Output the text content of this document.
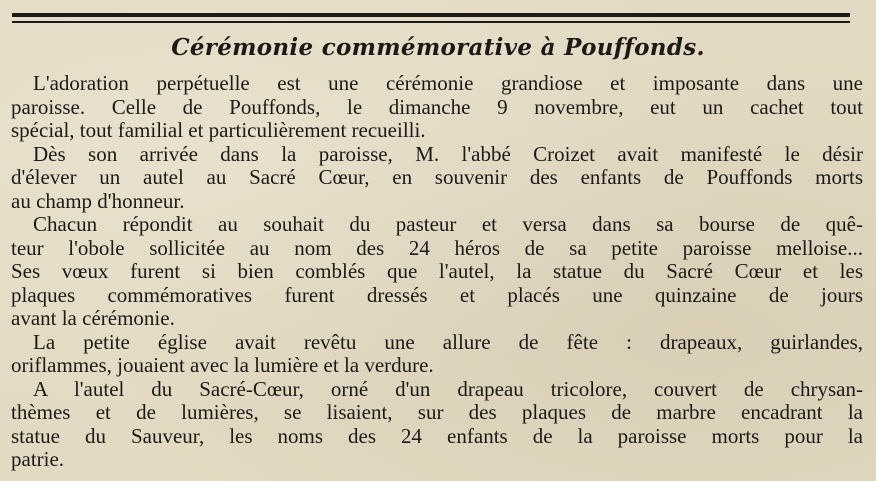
Cérémonie commémorative à Pouffonds.
L'adoration perpétuelle est une cérémonie grandiose et imposante dans une
paroisse. Celle de Pouffonds, le dimanche 9 novembre, eut un cachet tout
spécial, tout familial et particulièrement recueilli.
Dès son arrivée dans la paroisse, M. l'abbé Croizet avait manifesté le désir
d'élever un autel au Sacré Cœur, en souvenir des enfants de Pouffonds morts
au champ d'honneur.
Chacun répondit au souhait du pasteur et versa dans sa bourse de quê-
teur l'obole sollicitée au nom des 24 héros de sa petite paroisse melloise...
Ses vœux furent si bien comblés que l'autel, la statue du Sacré Cœur et les
plaques commémoratives furent dressés et placés une quinzaine de jours
avant la cérémonie.
La petite église avait revêtu une allure de fête : drapeaux, guirlandes,
oriflammes, jouaient avec la lumière et la verdure.
A l'autel du Sacré-Cœur, orné d'un drapeau tricolore, couvert de chrysan-
thèmes et de lumières, se lisaient, sur des plaques de marbre encadrant la
statue du Sauveur, les noms des 24 enfants de la paroisse morts pour la
patrie.
